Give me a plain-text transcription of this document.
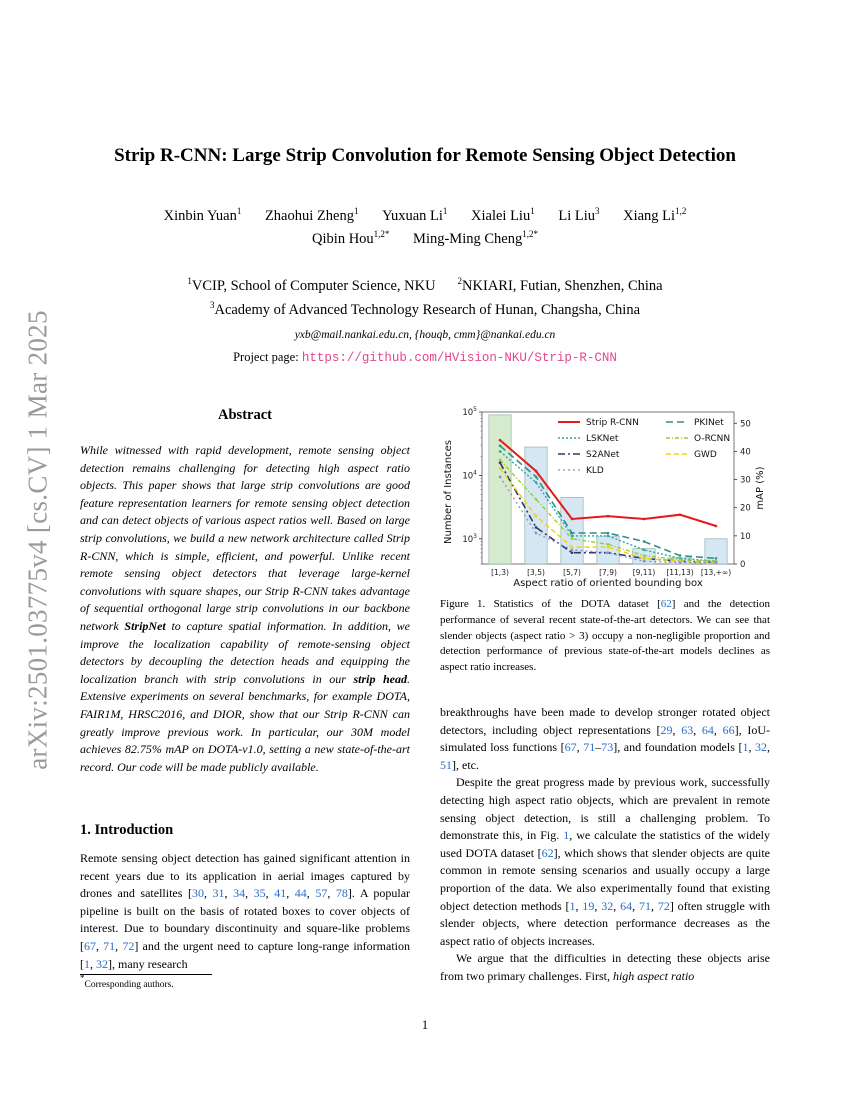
arXiv:2501.03775v4 [cs.CV] 1 Mar 2025
Strip R-CNN: Large Strip Convolution for Remote Sensing Object Detection
Xinbin Yuan$^1$ Zhaohui Zheng$^1$ Yuxuan Li$^1$ Xialei Liu$^1$ Li Liu$^3$ Xiang Li$^{1,2}$
Qibin Hou$^{1,2*}$ Ming-Ming Cheng$^{1,2*}$
$^1$VCIP, School of Computer Science, NKU $^2$NKIARI, Futian, Shenzhen, China
$^3$Academy of Advanced Technology Research of Hunan, Changsha, China
yxb@mail.nankai.edu.cn, {houqb, cmm}@nankai.edu.cn
Project page: https://github.com/HVision-NKU/Strip-R-CNN
Abstract
While witnessed with rapid development, remote sensing object detection remains challenging for detecting high aspect ratio objects. This paper shows that large strip convolutions are good feature representation learners for remote sensing object detection and can detect objects of various aspect ratios well. Based on large strip convolutions, we build a new network architecture called Strip R-CNN, which is simple, efficient, and powerful. Unlike recent remote sensing object detectors that leverage large-kernel convolutions with square shapes, our Strip R-CNN takes advantage of sequential orthogonal large strip convolutions in our backbone network StripNet to capture spatial information. In addition, we improve the localization capability of remote-sensing object detectors by decoupling the detection heads and equipping the localization branch with strip convolutions in our strip head. Extensive experiments on several benchmarks, for example DOTA, FAIR1M, HRSC2016, and DIOR, show that our Strip R-CNN can greatly improve previous work. In particular, our 30M model achieves 82.75% mAP on DOTA-v1.0, setting a new state-of-the-art record. Our code will be made publicly available.
1. Introduction
Remote sensing object detection has gained significant attention in recent years due to its application in aerial images captured by drones and satellites [30, 31, 34, 35, 41, 44, 57, 78]. A popular pipeline is built on the basis of rotated boxes to cover objects of interest. Due to boundary discontinuity and square-like problems [67, 71, 72] and the urgent need to capture long-range information [1, 32], many research
*Corresponding authors.
$10^3$
$10^4$
$10^5$
0
10
20
30
40
50
Number of Instances	mAP (%)
Aspect ratio of oriented bounding box
[1,3) [3,5) [5,7) [7,9) [9,11) [11,13) [13,+∞)
Strip R-CNN	PKINet
LSKNet	O-RCNN
S2ANet	GWD
KLD
Figure 1. Statistics of the DOTA dataset [62] and the detection performance of several recent state-of-the-art detectors. We can see that slender objects (aspect ratio > 3) occupy a non-negligible proportion and detection performance of previous state-of-the-art models declines as aspect ratio increases.

breakthroughs have been made to develop stronger rotated object detectors, including object representations [29, 63, 64, 66], IoU-simulated loss functions [67, 71–73], and foundation models [1, 32, 51], etc.

Despite the great progress made by previous work, successfully detecting high aspect ratio objects, which are prevalent in remote sensing object detection, is still a challenging problem. To demonstrate this, in Fig. 1, we calculate the statistics of the widely used DOTA dataset [62], which shows that slender objects are quite common in remote sensing scenarios and usually occupy a large proportion of the data. We also experimentally found that existing object detection methods [1, 19, 32, 64, 71, 72] often struggle with slender objects, where detection performance decreases as the aspect ratio of objects increases.

We argue that the difficulties in detecting these objects arise from two primary challenges. First, high aspect ratio

1
